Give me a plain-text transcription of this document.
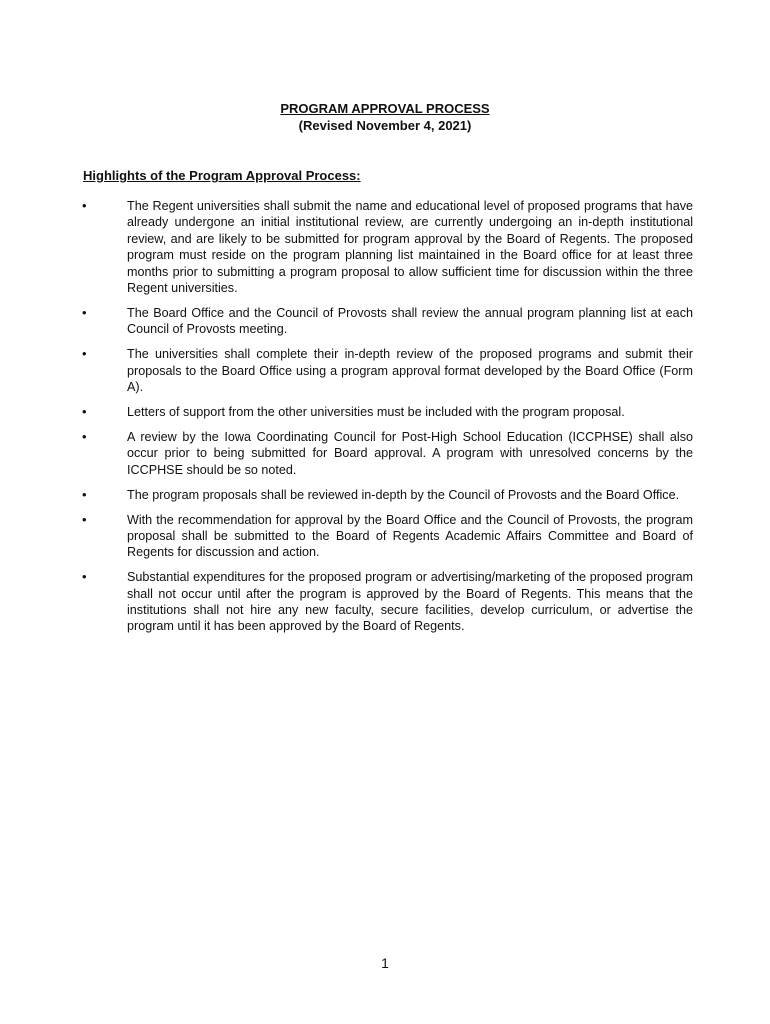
PROGRAM APPROVAL PROCESS
(Revised November 4, 2021)
Highlights of the Program Approval Process:
•	The Regent universities shall submit the name and educational level of proposed programs that have already undergone an initial institutional review, are currently undergoing an in-depth institutional review, and are likely to be submitted for program approval by the Board of Regents. The proposed program must reside on the program planning list maintained in the Board office for at least three months prior to submitting a program proposal to allow sufficient time for discussion within the three Regent universities.
•	The Board Office and the Council of Provosts shall review the annual program planning list at each Council of Provosts meeting.
•	The universities shall complete their in-depth review of the proposed programs and submit their proposals to the Board Office using a program approval format developed by the Board Office (Form A).
•	Letters of support from the other universities must be included with the program proposal.
•	A review by the Iowa Coordinating Council for Post-High School Education (ICCPHSE) shall also occur prior to being submitted for Board approval. A program with unresolved concerns by the ICCPHSE should be so noted.
•	The program proposals shall be reviewed in-depth by the Council of Provosts and the Board Office.
•	With the recommendation for approval by the Board Office and the Council of Provosts, the program proposal shall be submitted to the Board of Regents Academic Affairs Committee and Board of Regents for discussion and action.
•	Substantial expenditures for the proposed program or advertising/marketing of the proposed program shall not occur until after the program is approved by the Board of Regents. This means that the institutions shall not hire any new faculty, secure facilities, develop curriculum, or advertise the program until it has been approved by the Board of Regents.
1
